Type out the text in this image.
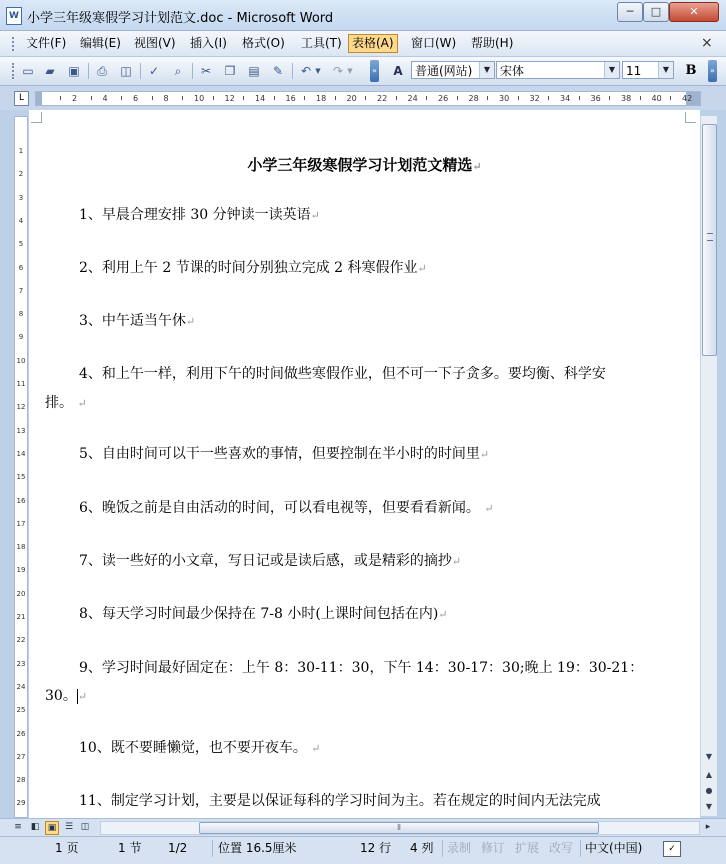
W 小学三年级寒假学习计划范文.doc - Microsoft Word	─	□	✕
文件(F) 编辑(E) 视图(V) 插入(I) 格式(O) 工具(T) 表格(A)	窗口(W) 帮助(H)	×
▭ ▰ ▣ ⎙ ◫ ✓	⌕	✂ ❐ ▤ ✎ ↶ ▼ ↷ ▼ » A	普通(网站)	▼ 宋体	▼ 11	▼	B	»
L	2	4	6	8	10	12	14	16	18	20	22	24	26	28	30	32	34	36	38	40	42
1
2
3
4
5
6
7
8
9
10
11
12
13
14
15
16
17
18
19
20
21
22
23
24
25
26
27
28
29
小学三年级寒假学习计划范文精选↵
1、早晨合理安排 30 分钟读一读英语↵
2、利用上午 2 节课的时间分别独立完成 2 科寒假作业↵
3、中午适当午休↵
4、和上午一样，利用下午的时间做些寒假作业，但不可一下子贪多。要均衡、科学安
排。 ↵
5、自由时间可以干一些喜欢的事情，但要控制在半小时的时间里↵
6、晚饭之前是自由活动的时间，可以看电视等，但要看看新闻。 ↵
7、读一些好的小文章，写日记或是读后感，或是精彩的摘抄↵
8、每天学习时间最少保持在 7-8 小时(上课时间包括在内)↵
9、学习时间最好固定在：上午 8：30-11：30，下午 14：30-17：30;晚上 19：30-21：
30。↵
10、既不要睡懒觉，也不要开夜车。 ↵
11、制定学习计划，主要是以保证每科的学习时间为主。若在规定的时间内无法完成
▼
▲
●
▼
≡ ◧ ▣ ☰ ◫	⦀	▸
1 页	1 节 1/2	位置 16.5厘米	12 行 4 列 录制 修订 扩展 改写 中文(中国)	✓
